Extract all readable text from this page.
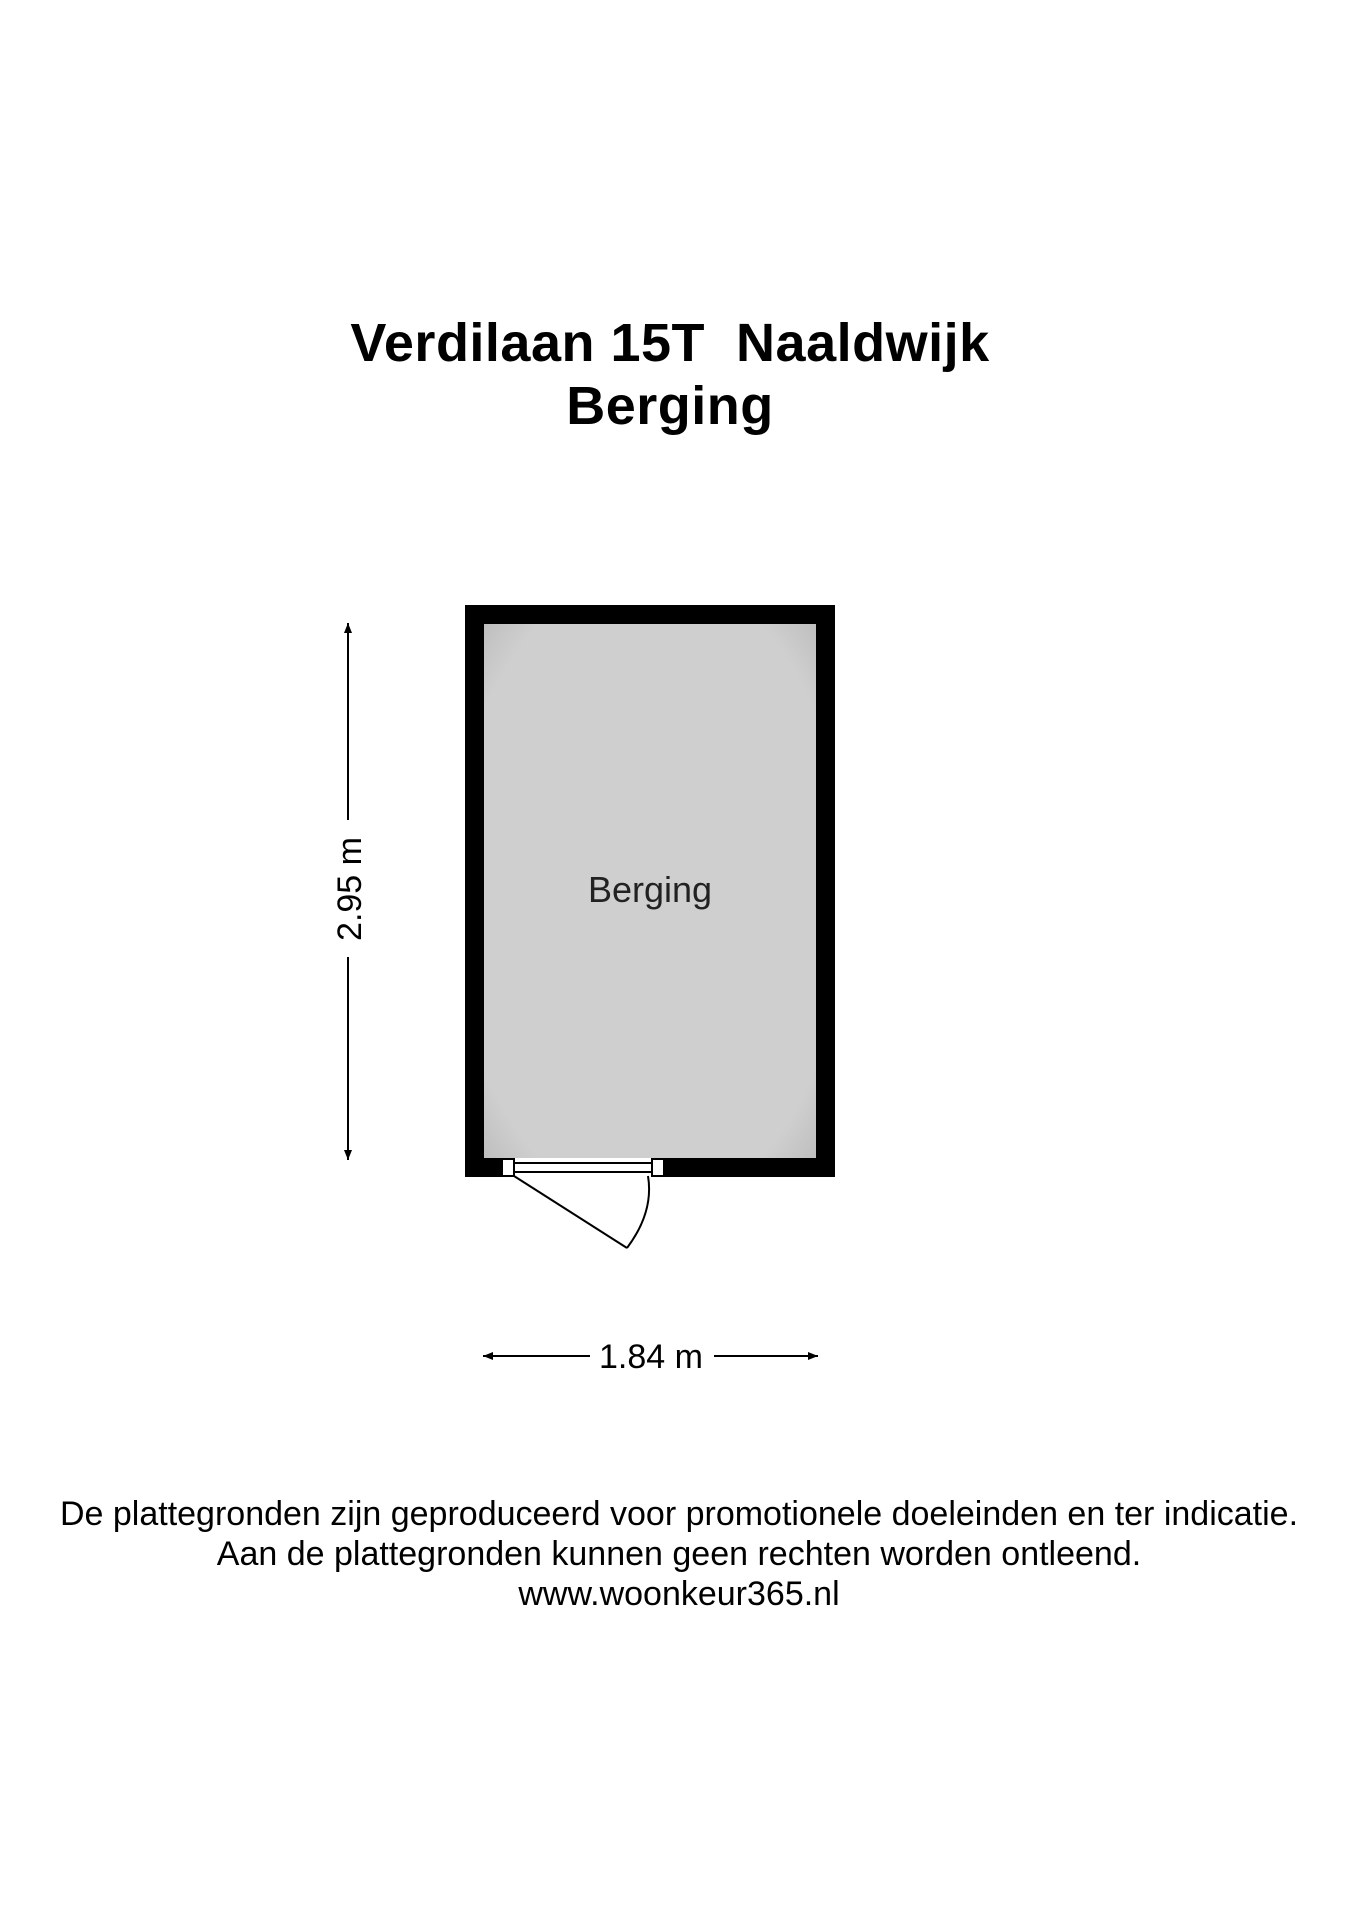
Verdilaan 15T  Naaldwijk
Berging
Berging
2.95 m
1.84 m
De plattegronden zijn geproduceerd voor promotionele doeleinden en ter indicatie.
Aan de plattegronden kunnen geen rechten worden ontleend.
www.woonkeur365.nl
